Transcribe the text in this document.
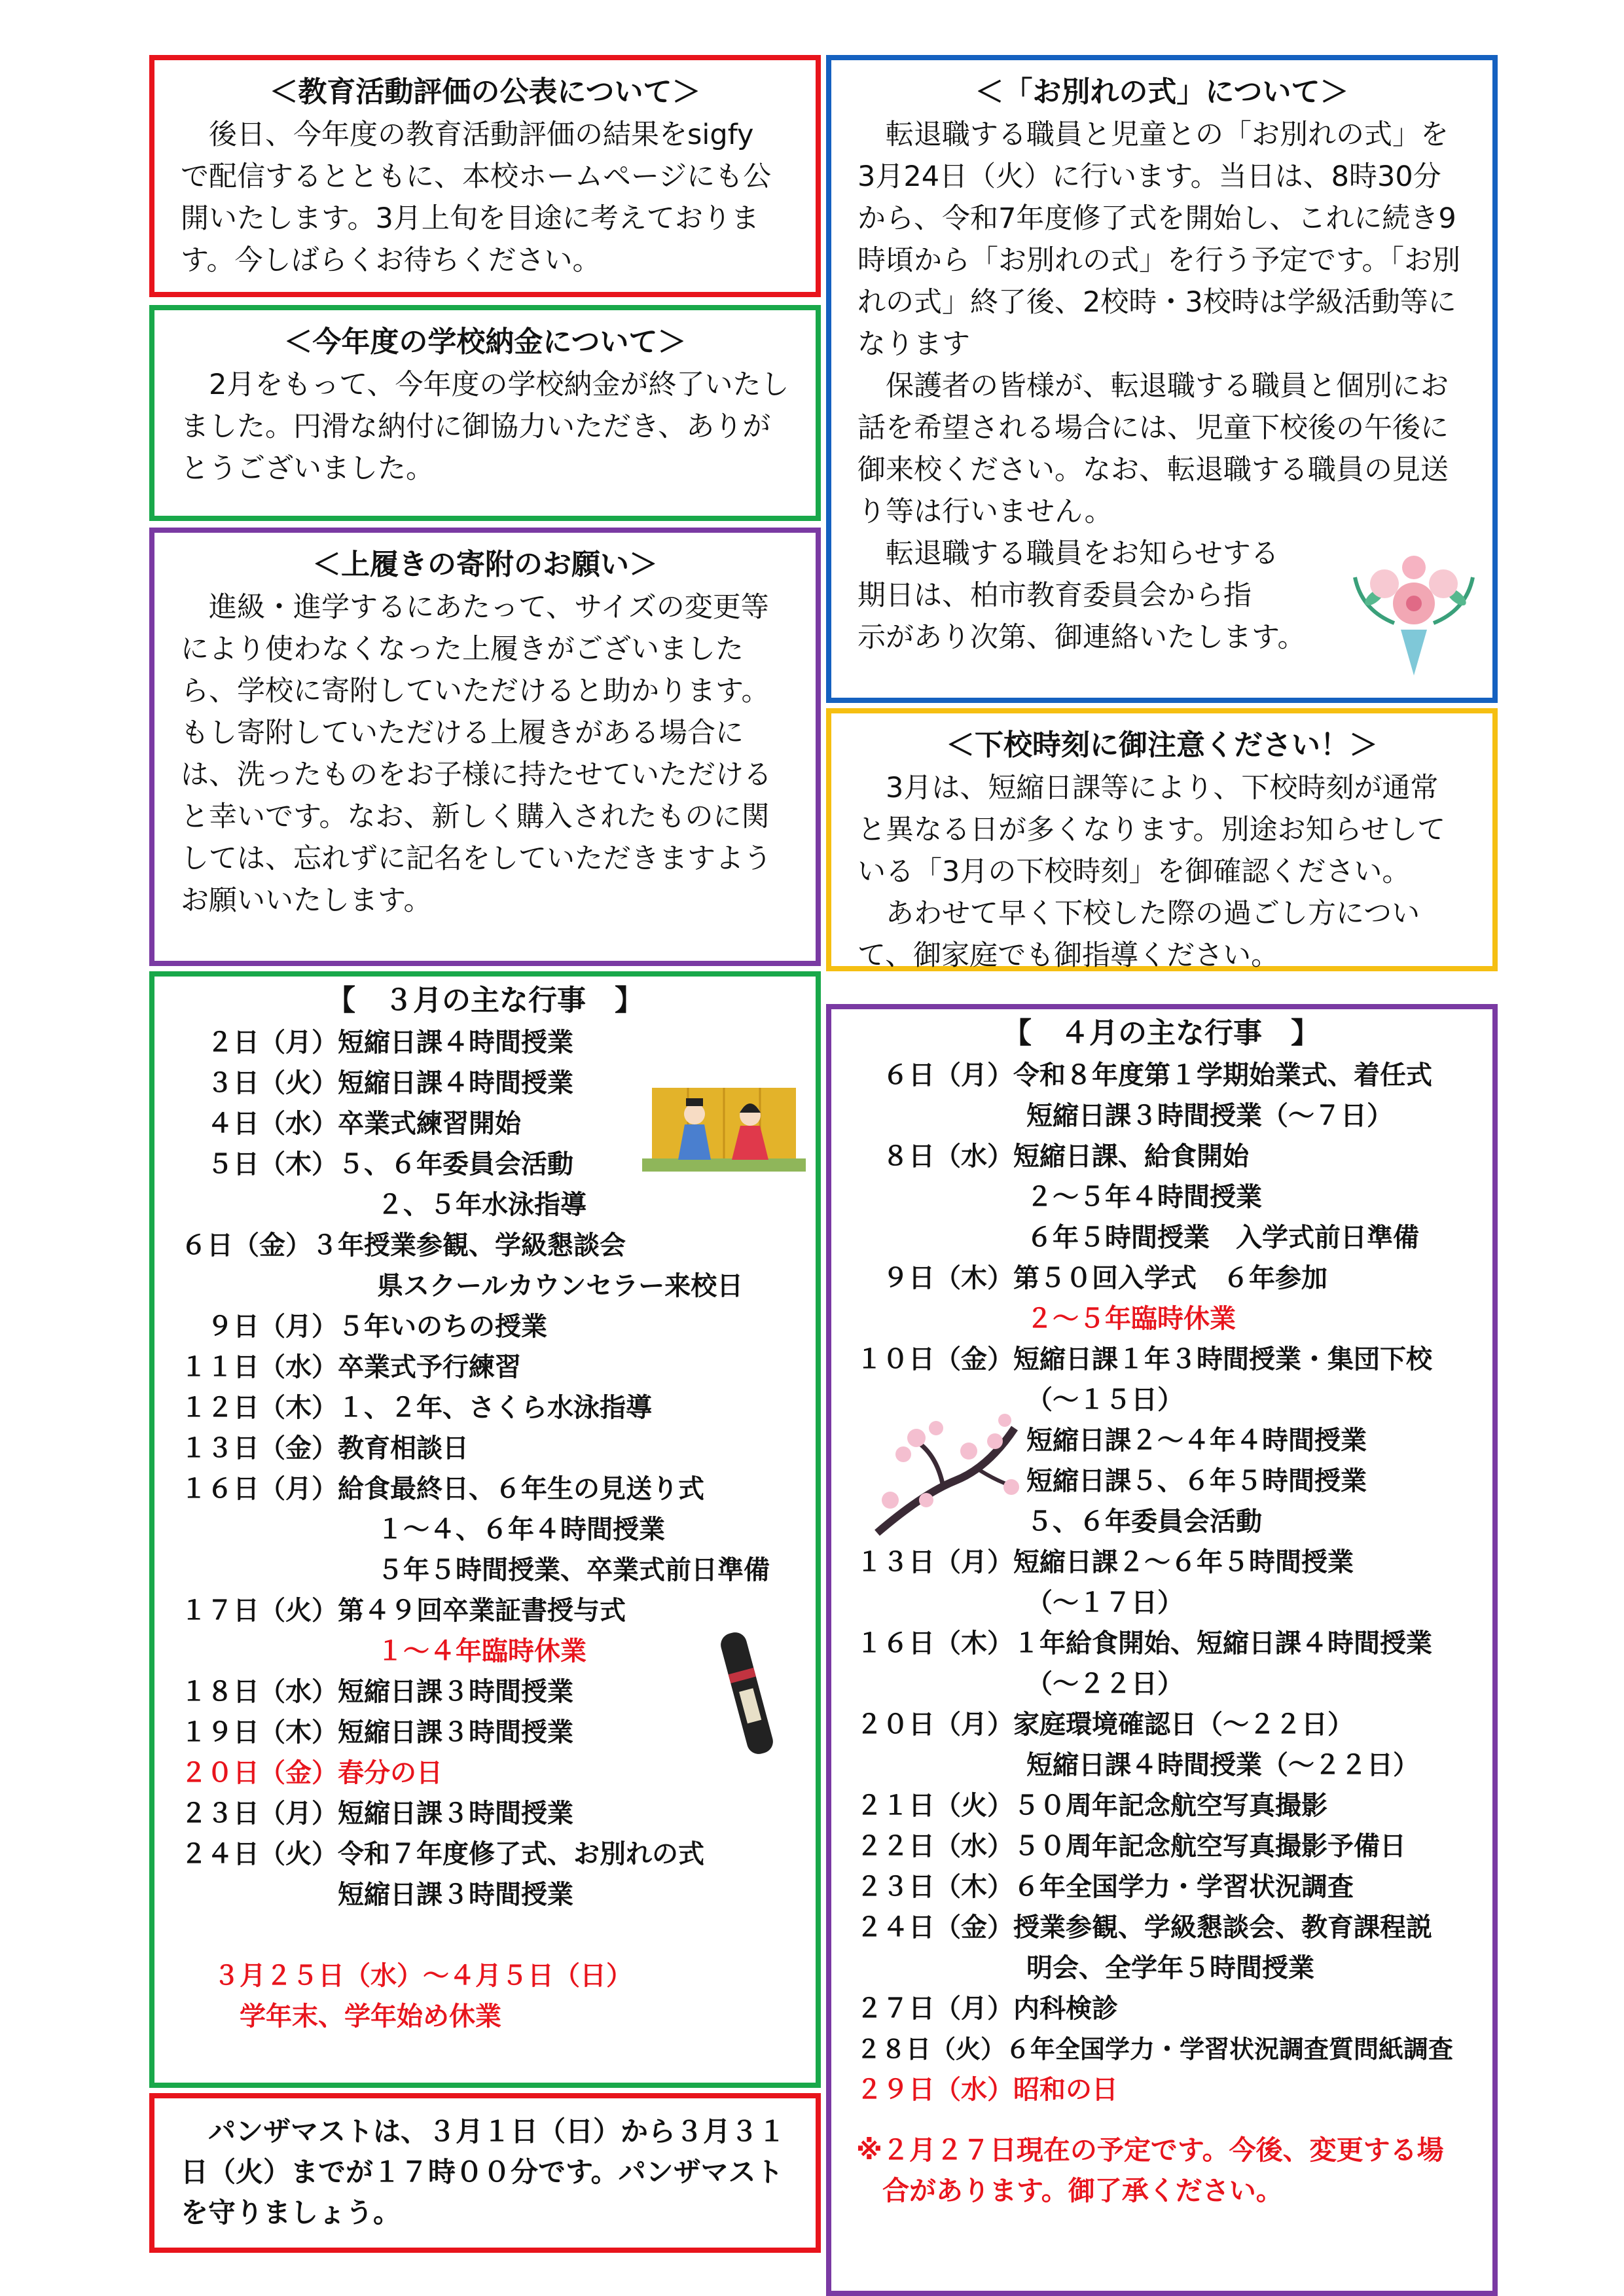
＜教育活動評価の公表について＞

後日、今年度の教育活動評価の結果をsigfy で配信するとともに、本校ホームページにも公開いたします。3月上旬を目途に考えております。今しばらくお待ちください。

＜今年度の学校納金について＞

2月をもって、今年度の学校納金が終了いたしました。円滑な納付に御協力いただき、ありがとうございました。

＜上履きの寄附のお願い＞

進級・進学するにあたって、サイズの変更等により使わなくなった上履きがございましたら、学校に寄附していただけると助かります。もし寄附していただける上履きがある場合には、洗ったものをお子様に持たせていただけると幸いです。なお、新しく購入されたものに関しては、忘れずに記名をしていただきますようお願いいたします。

【　３月の主な行事　】

２日（月）短縮日課４時間授業

３日（火）短縮日課４時間授業

４日（水）卒業式練習開始

５日（木）５、６年委員会活動

２、５年水泳指導

６日（金）３年授業参観、学級懇談会

県スクールカウンセラー来校日

９日（月）５年いのちの授業

１１日（水）卒業式予行練習

１２日（木）１、２年、さくら水泳指導

１３日（金）教育相談日

１６日（月）給食最終日、６年生の見送り式

１～４、６年４時間授業

５年５時間授業、卒業式前日準備

１７日（火）第４９回卒業証書授与式

１～４年臨時休業

１８日（水）短縮日課３時間授業

１９日（木）短縮日課３時間授業

２０日（金）春分の日

２３日（月）短縮日課３時間授業

２４日（火）令和７年度修了式、お別れの式

短縮日課３時間授業

３月２５日（水）～４月５日（日）

学年末、学年始め休業

パンザマストは、３月１日（日）から３月３１日（火）までが１７時００分です。パンザマストを守りましょう。

＜「お別れの式」について＞

転退職する職員と児童との「お別れの式」を3月24日（火）に行います。当日は、8時30分から、令和7年度修了式を開始し、これに続き9時頃から「お別れの式」を行う予定です。「お別れの式」終了後、2校時・3校時は学級活動等になります

保護者の皆様が、転退職する職員と個別にお話を希望される場合には、児童下校後の午後に御来校ください。なお、転退職する職員の見送り等は行いません。

転退職する職員をお知らせする

期日は、柏市教育委員会から指

示があり次第、御連絡いたします。

＜下校時刻に御注意ください！＞

3月は、短縮日課等により、下校時刻が通常と異なる日が多くなります。別途お知らせしている「3月の下校時刻」を御確認ください。

あわせて早く下校した際の過ごし方について、御家庭でも御指導ください。

【　４月の主な行事　】

６日（月）令和８年度第１学期始業式、着任式

短縮日課３時間授業（～７日）

８日（水）短縮日課、給食開始

２～５年４時間授業

６年５時間授業　入学式前日準備

９日（木）第５０回入学式　６年参加

２～５年臨時休業

１０日（金）短縮日課１年３時間授業・集団下校

（～１５日）

短縮日課２～４年４時間授業

短縮日課５、６年５時間授業

５、６年委員会活動

１３日（月）短縮日課２～６年５時間授業

（～１７日）

１６日（木）１年給食開始、短縮日課４時間授業

（～２２日）

２０日（月）家庭環境確認日（～２２日）

短縮日課４時間授業（～２２日）

２１日（火）５０周年記念航空写真撮影

２２日（水）５０周年記念航空写真撮影予備日

２３日（木）６年全国学力・学習状況調査

２４日（金）授業参観、学級懇談会、教育課程説

明会、全学年５時間授業

２７日（月）内科検診

２８日（火）６年全国学力・学習状況調査質問紙調査

２９日（水）昭和の日

※２月２７日現在の予定です。今後、変更する場

合があります。御了承ください。
